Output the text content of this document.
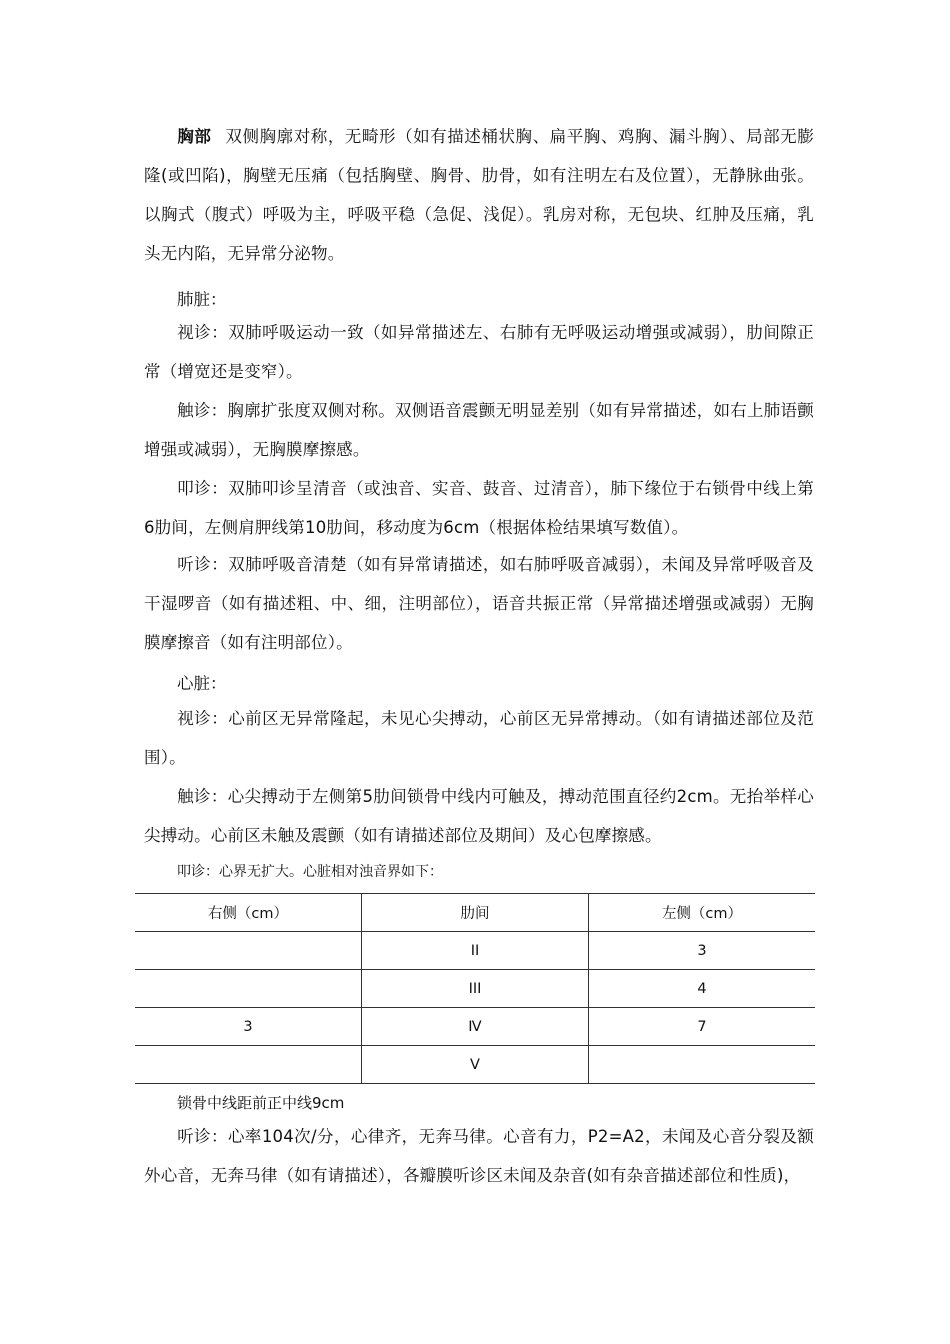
胸部 双侧胸廓对称，无畸形（如有描述桶状胸、扁平胸、鸡胸、漏斗胸）、局部无膨隆(或凹陷)，胸壁无压痛（包括胸壁、胸骨、肋骨，如有注明左右及位置），无静脉曲张。以胸式（腹式）呼吸为主，呼吸平稳（急促、浅促）。乳房对称，无包块、红肿及压痛，乳头无内陷，无异常分泌物。

肺脏：

视诊：双肺呼吸运动一致（如异常描述左、右肺有无呼吸运动增强或减弱），肋间隙正常（增宽还是变窄）。

触诊：胸廓扩张度双侧对称。双侧语音震颤无明显差别（如有异常描述，如右上肺语颤增强或减弱），无胸膜摩擦感。

叩诊：双肺叩诊呈清音（或浊音、实音、鼓音、过清音），肺下缘位于右锁骨中线上第6肋间，左侧肩胛线第10肋间，移动度为6cm（根据体检结果填写数值）。

听诊：双肺呼吸音清楚（如有异常请描述，如右肺呼吸音减弱），未闻及异常呼吸音及干湿啰音（如有描述粗、中、细，注明部位），语音共振正常（异常描述增强或减弱）无胸膜摩擦音（如有注明部位）。

心脏：

视诊：心前区无异常隆起，未见心尖搏动，心前区无异常搏动。（如有请描述部位及范围）。

触诊：心尖搏动于左侧第5肋间锁骨中线内可触及，搏动范围直径约2cm。无抬举样心尖搏动。心前区未触及震颤（如有请描述部位及期间）及心包摩擦感。

叩诊：心界无扩大。心脏相对浊音界如下：

右侧（cm）	肋间	左侧（cm）
	II	3
	III	4
3	Ⅳ	7
	V	

锁骨中线距前正中线9cm

听诊：心率104次/分，心律齐，无奔马律。心音有力，P2=A2，未闻及心音分裂及额外心音，无奔马律（如有请描述），各瓣膜听诊区未闻及杂音(如有杂音描述部位和性质)，
